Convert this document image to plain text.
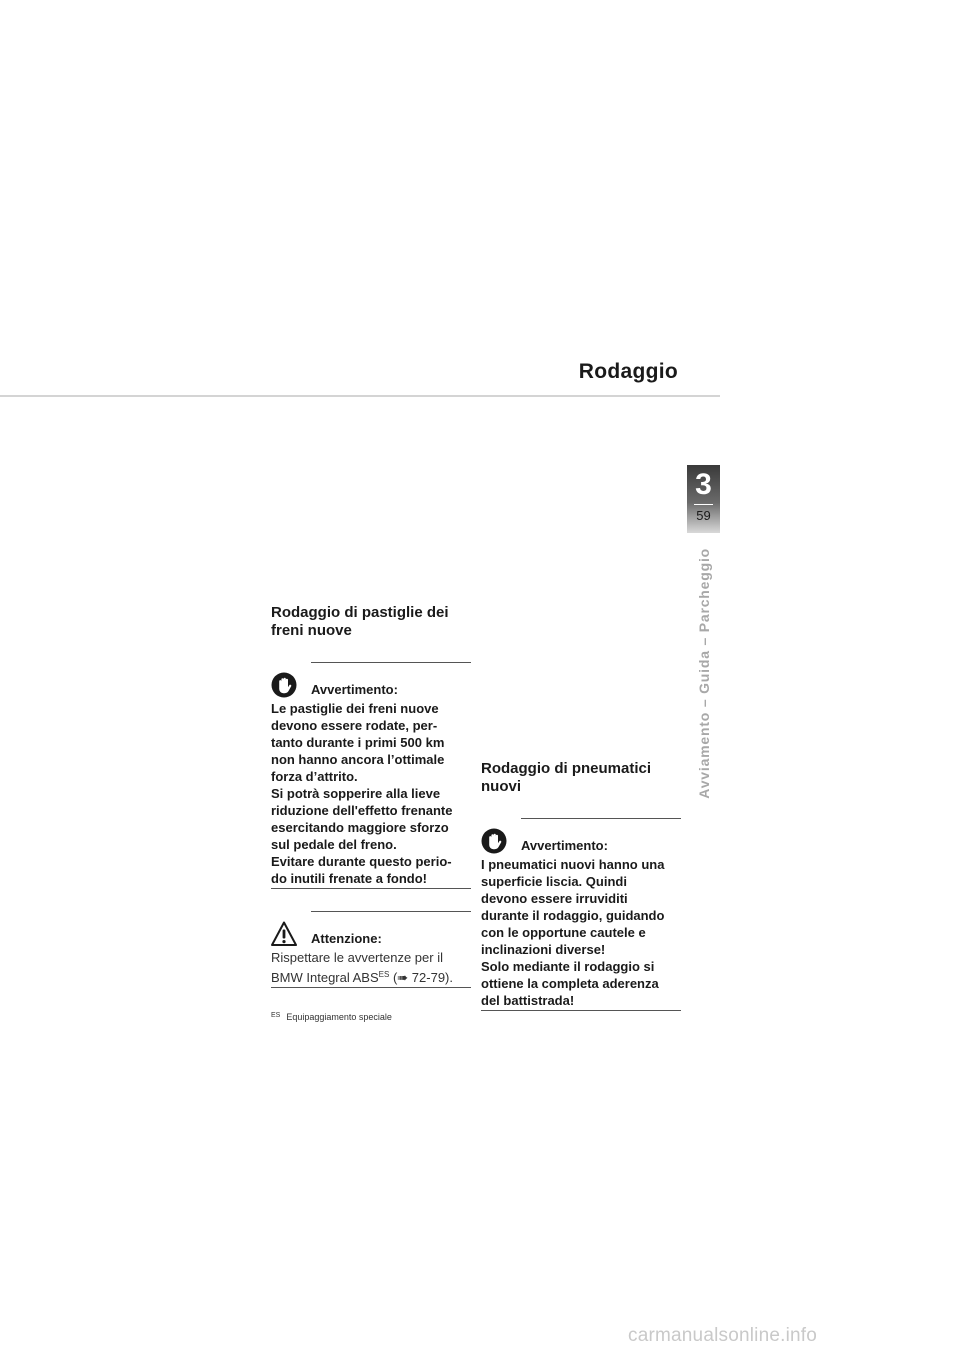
Rodaggio
3
59
Avviamento – Guida – Parcheggio
Rodaggio di pastiglie dei freni nuove
Avvertimento:

Le pastiglie dei freni nuove

devono essere rodate, per-

tanto durante i primi 500 km

non hanno ancora l’ottimale

forza d’attrito.

Si potrà sopperire alla lieve

riduzione dell'effetto frenante

esercitando maggiore sforzo

sul pedale del freno.

Evitare durante questo perio-

do inutili frenate a fondo!

Attenzione:

Rispettare le avvertenze per il

BMW Integral $ABS^{ES}$ (➠ 72-79).

$^{ES}$ Equipaggiamento speciale
Rodaggio di pneumatici nuovi
Avvertimento:

I pneumatici nuovi hanno una

superficie liscia. Quindi

devono essere irruviditi

durante il rodaggio, guidando

con le opportune cautele e

inclinazioni diverse!

Solo mediante il rodaggio si

ottiene la completa aderenza

del battistrada!

carmanualsonline.info
